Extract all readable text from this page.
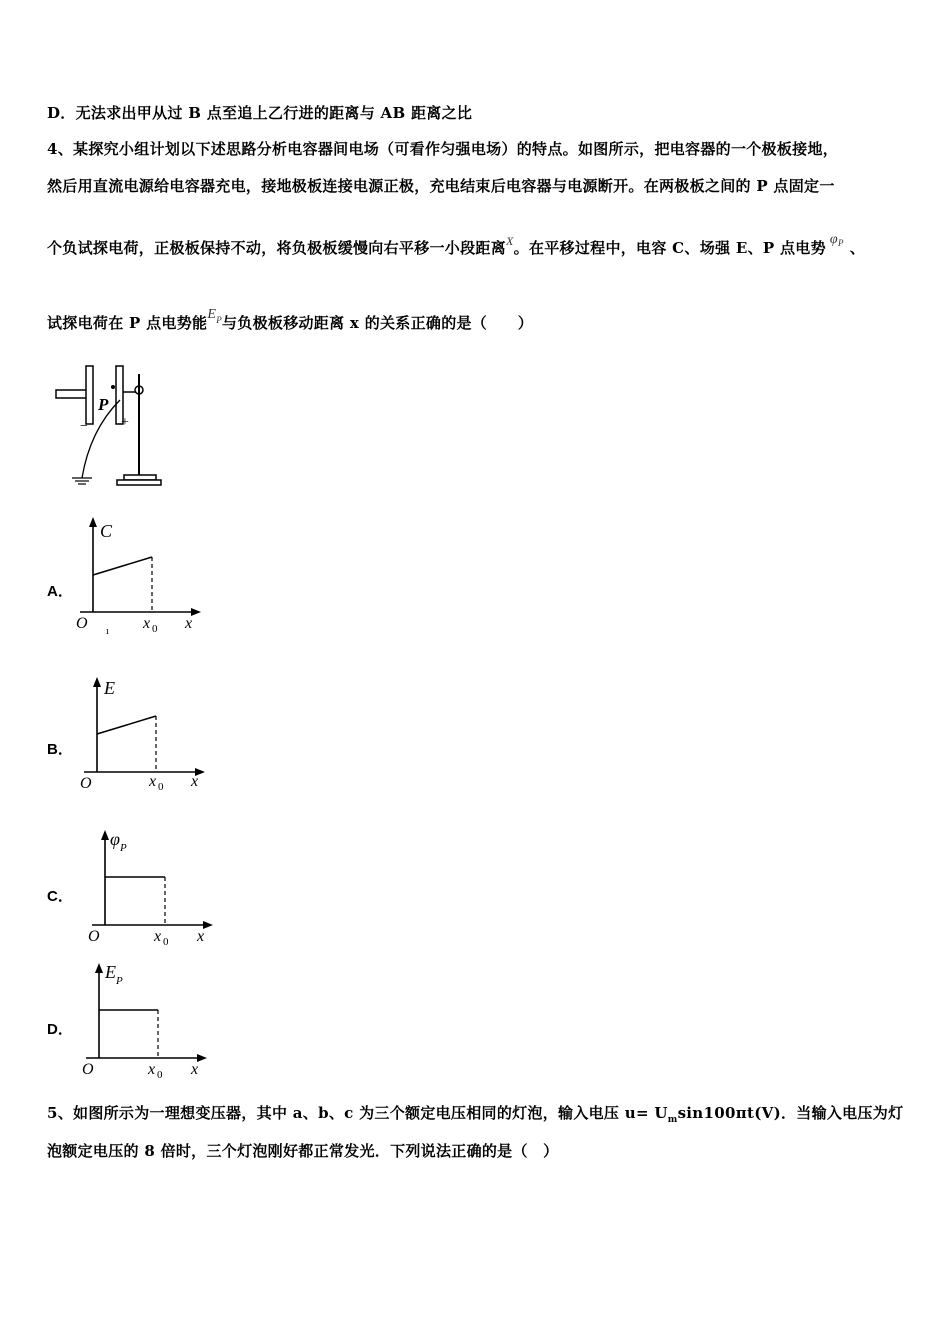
D．无法求出甲从过 B 点至追上乙行进的距离与 AB 距离之比
4、某探究小组计划以下述思路分析电容器间电场（可看作匀强电场）的特点。如图所示，把电容器的一个极板接地，
然后用直流电源给电容器充电，接地极板连接电源正极，充电结束后电容器与电源断开。在两极板之间的 P 点固定一
个负试探电荷，正极板保持不动，将负极板缓慢向右平移一小段距离$^X$。在平移过程中，电容 C、场强 E、P 点电势 $\varphi^P$ 、
试探电荷在 P 点电势能$E^P$与负极板移动距离 x 的关系正确的是（　　）
P
− +
A．
C
O ı x 0 x
B．
E
O	x 0 x
C．
φ P
O	x 0 x
D．
E P
O	x 0 x
5、如图所示为一理想变压器，其中 a、b、c 为三个额定电压相同的灯泡，输入电压 $u= U_m\sin 100\pi t(V)$．当输入电压为灯
泡额定电压的 8 倍时，三个灯泡刚好都正常发光．下列说法正确的是（　）
